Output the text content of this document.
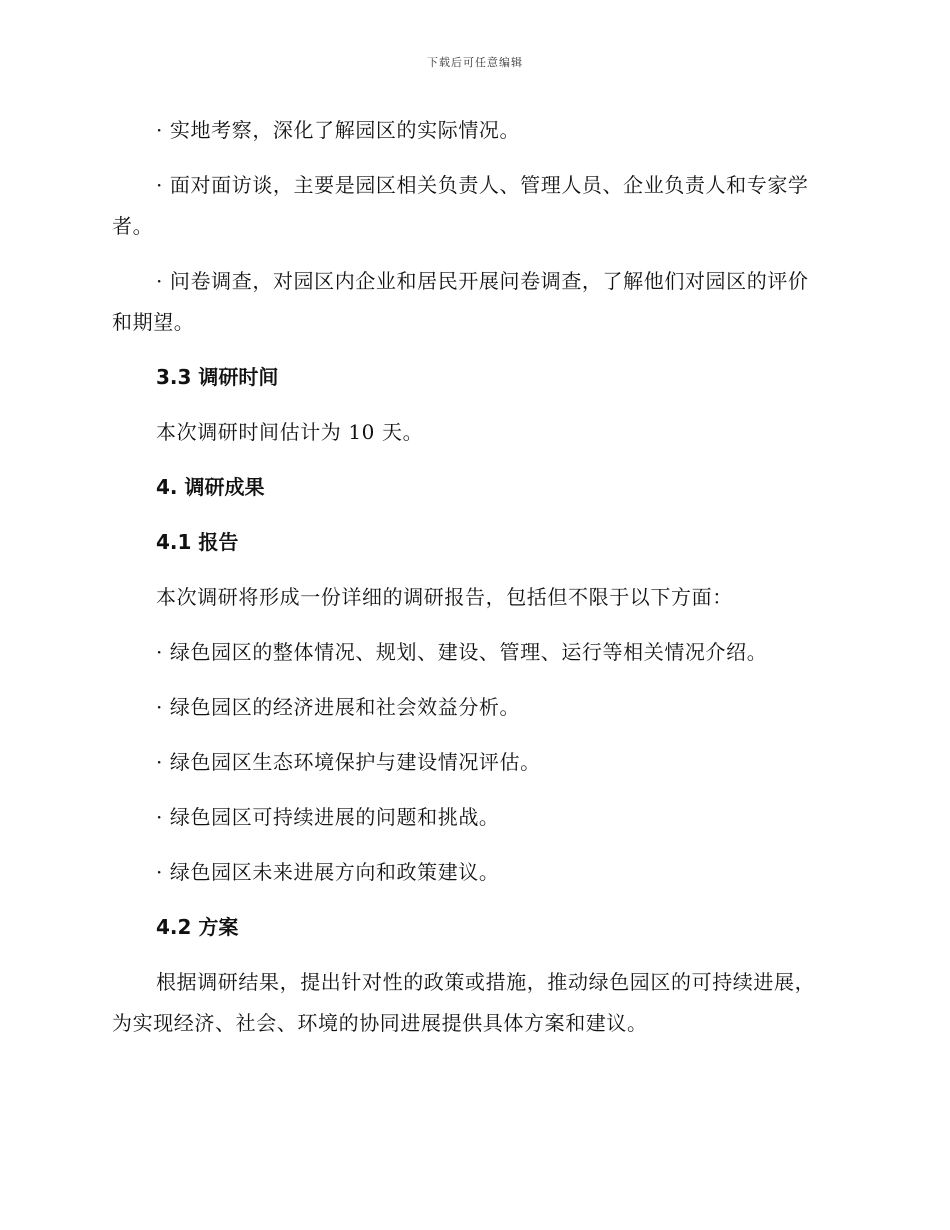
下载后可任意编辑

· 实地考察，深化了解园区的实际情况。

· 面对面访谈，主要是园区相关负责人、管理人员、企业负责人和专家学者。

· 问卷调查，对园区内企业和居民开展问卷调查，了解他们对园区的评价和期望。

3.3 调研时间

本次调研时间估计为 10 天。

4. 调研成果

4.1 报告

本次调研将形成一份详细的调研报告，包括但不限于以下方面：

· 绿色园区的整体情况、规划、建设、管理、运行等相关情况介绍。

· 绿色园区的经济进展和社会效益分析。

· 绿色园区生态环境保护与建设情况评估。

· 绿色园区可持续进展的问题和挑战。

· 绿色园区未来进展方向和政策建议。

4.2 方案

根据调研结果，提出针对性的政策或措施，推动绿色园区的可持续进展，为实现经济、社会、环境的协同进展提供具体方案和建议。
